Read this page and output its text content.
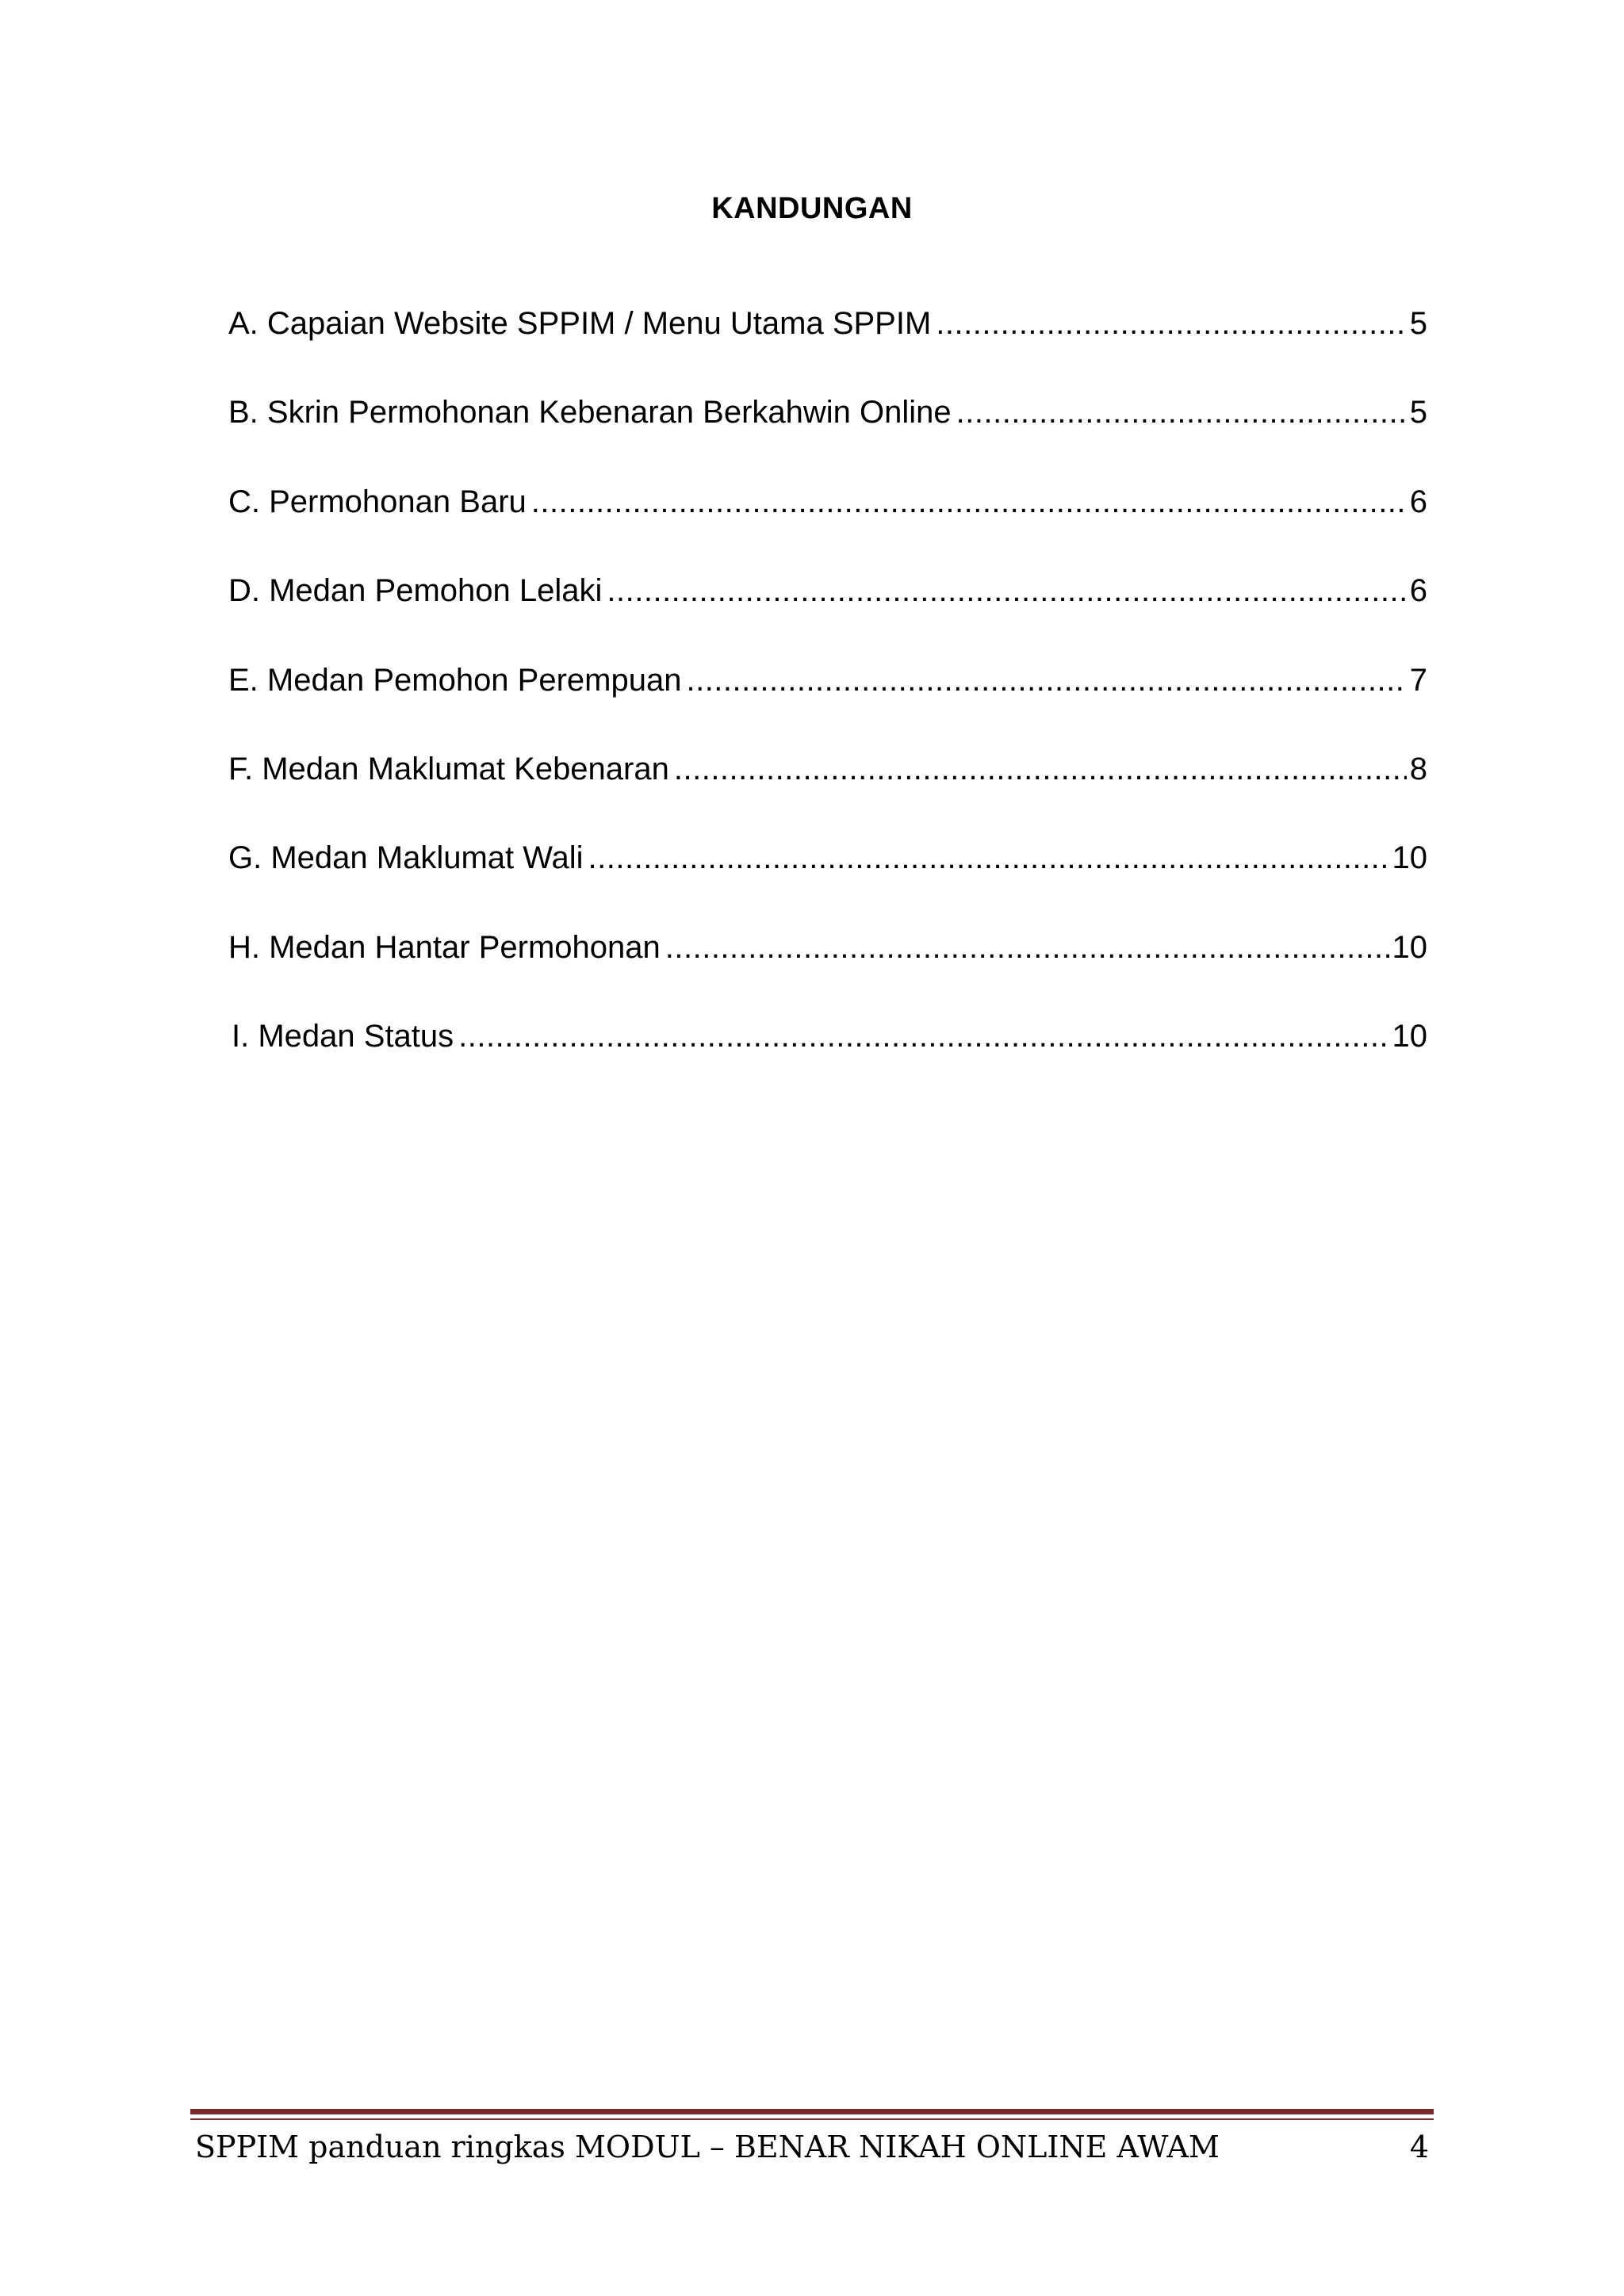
KANDUNGAN
A. Capaian Website SPPIM / Menu Utama SPPIM .....	5
B. Skrin Permohonan Kebenaran Berkahwin Online .....	5
C. Permohonan Baru .....	6
D. Medan Pemohon Lelaki .....	6
E. Medan Pemohon Perempuan .....	7
F. Medan Maklumat Kebenaran .....	8
G. Medan Maklumat Wali .....	10
H. Medan Hantar Permohonan .....	10
I. Medan Status .....	10
SPPIM panduan ringkas MODUL – BENAR NIKAH ONLINE AWAM	4
